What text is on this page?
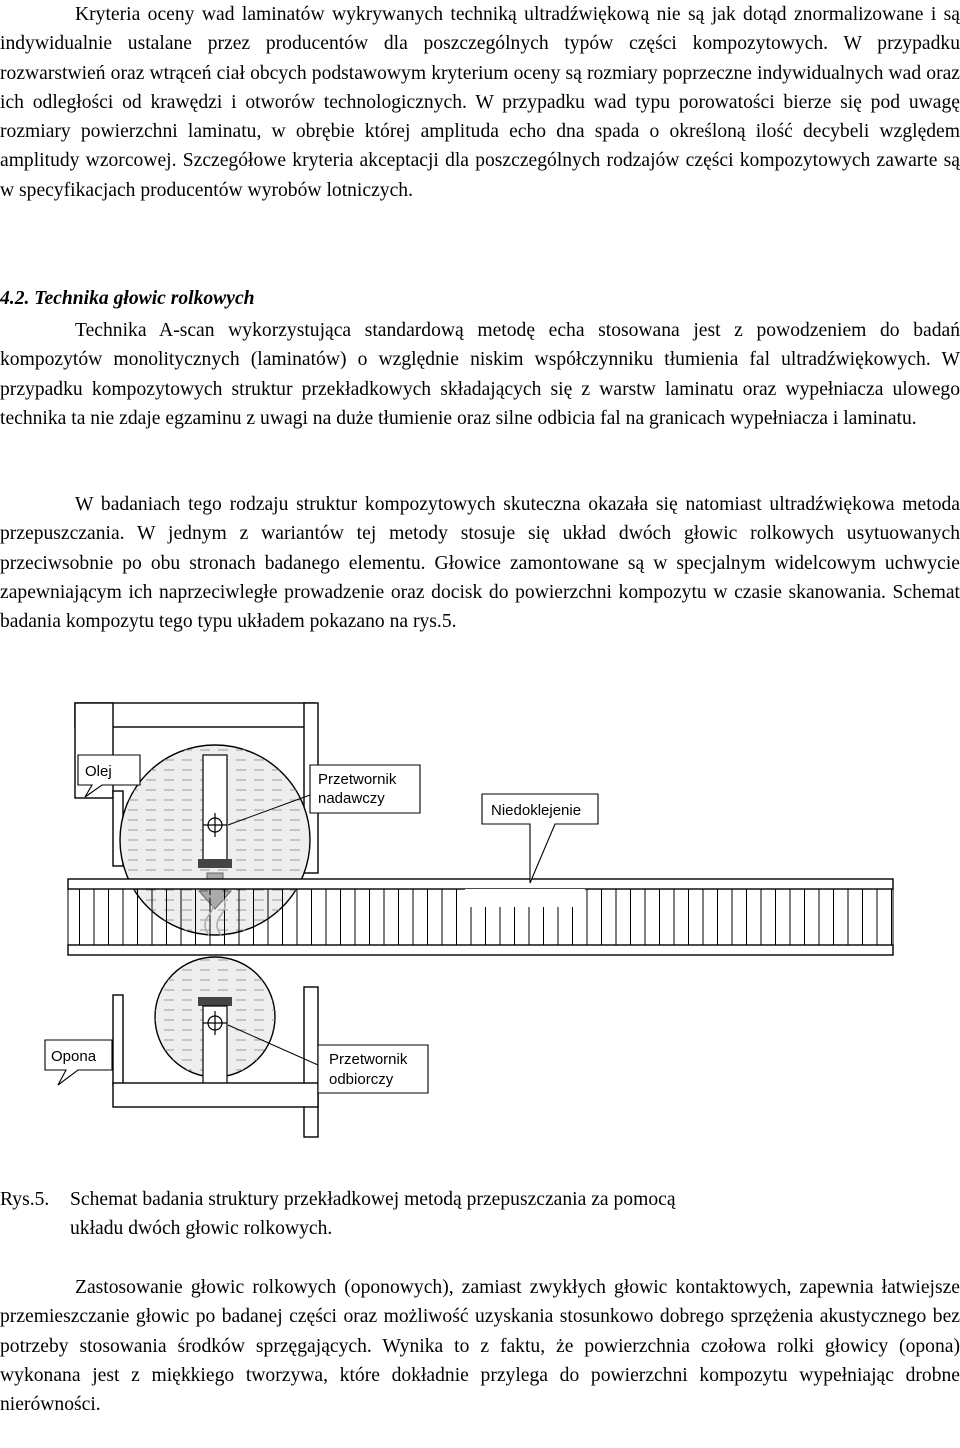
Kryteria oceny wad laminatów wykrywanych techniką ultradźwiękową nie są jak dotąd znormalizowane i są indywidualnie ustalane przez producentów dla poszczególnych typów części kompozytowych. W przypadku rozwarstwień oraz wtrąceń ciał obcych podstawowym kryterium oceny są rozmiary poprzeczne indywidualnych wad oraz ich odległości od krawędzi i otworów technologicznych. W przypadku wad typu porowatości bierze się pod uwagę rozmiary powierzchni laminatu, w obrębie której amplituda echo dna spada o określoną ilość decybeli względem amplitudy wzorcowej. Szczegółowe kryteria akceptacji dla poszczególnych rodzajów części kompozytowych zawarte są w specyfikacjach producentów wyrobów lotniczych.

4.2. Technika głowic rolkowych

Technika A-scan wykorzystująca standardową metodę echa stosowana jest z powodzeniem do badań kompozytów monolitycznych (laminatów) o względnie niskim współczynniku tłumienia fal ultradźwiękowych. W przypadku kompozytowych struktur przekładkowych składających się z warstw laminatu oraz wypełniacza ulowego technika ta nie zdaje egzaminu z uwagi na duże tłumienie oraz silne odbicia fal na granicach wypełniacza i laminatu.

W badaniach tego rodzaju struktur kompozytowych skuteczna okazała się natomiast ultradźwiękowa metoda przepuszczania. W jednym z wariantów tej metody stosuje się układ dwóch głowic rolkowych usytuowanych przeciwsobnie po obu stronach badanego elementu. Głowice zamontowane są w specjalnym widelcowym uchwycie zapewniającym ich naprzeciwległe prowadzenie oraz docisk do powierzchni kompozytu w czasie skanowania. Schemat badania kompozytu tego typu układem pokazano na rys.5.

Olej	Przetwornik
nadawczy
Niedoklejenie
Opona	Przetwornik
odbiorczy
Rys.5. Schemat badania struktury przekładkowej metodą przepuszczania za pomocą
układu dwóch głowic rolkowych.

Zastosowanie głowic rolkowych (oponowych), zamiast zwykłych głowic kontaktowych, zapewnia łatwiejsze przemieszczanie głowic po badanej części oraz możliwość uzyskania stosunkowo dobrego sprzężenia akustycznego bez potrzeby stosowania środków sprzęgających. Wynika to z faktu, że powierzchnia czołowa rolki głowicy (opona) wykonana jest z miękkiego tworzywa, które dokładnie przylega do powierzchni kompozytu wypełniając drobne nierówności.
